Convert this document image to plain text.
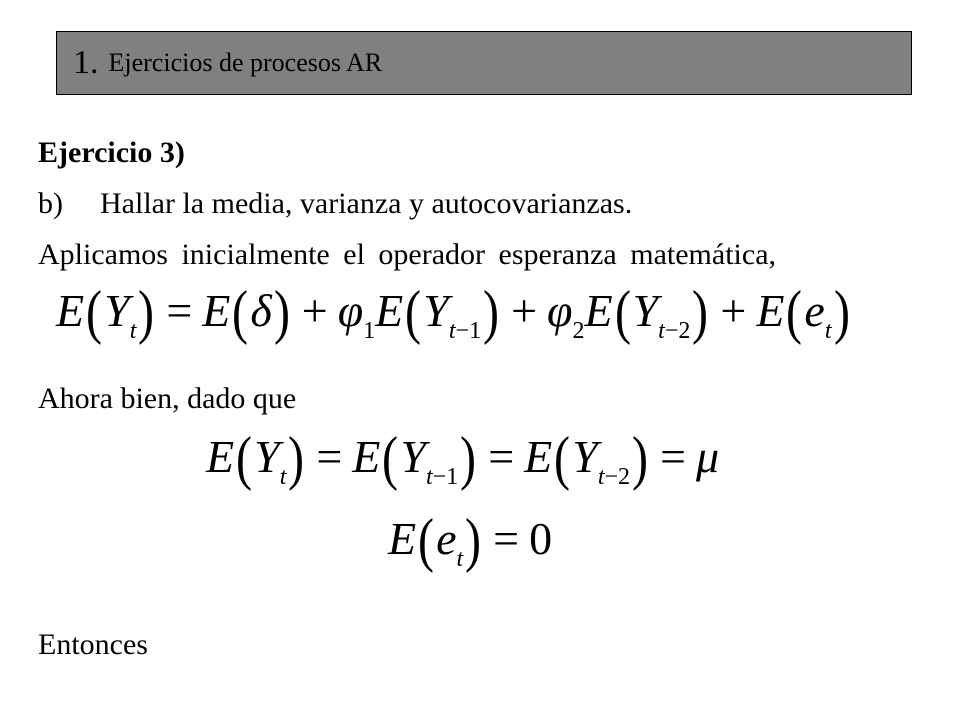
1. Ejercicios de procesos AR
Ejercicio 3)
b) Hallar la media, varianza y autocovarianzas.
Aplicamos inicialmente el operador esperanza matemática,
$E(Y_t) = E(\delta) + \varphi_1E(Y_{t-1}) + \varphi_2E(Y_{t-2}) + E(e_t)$
Ahora bien, dado que
$E(Y_t) = E(Y_{t-1}) = E(Y_{t-2}) = \mu$
$E(e_t) = 0$
Entonces
